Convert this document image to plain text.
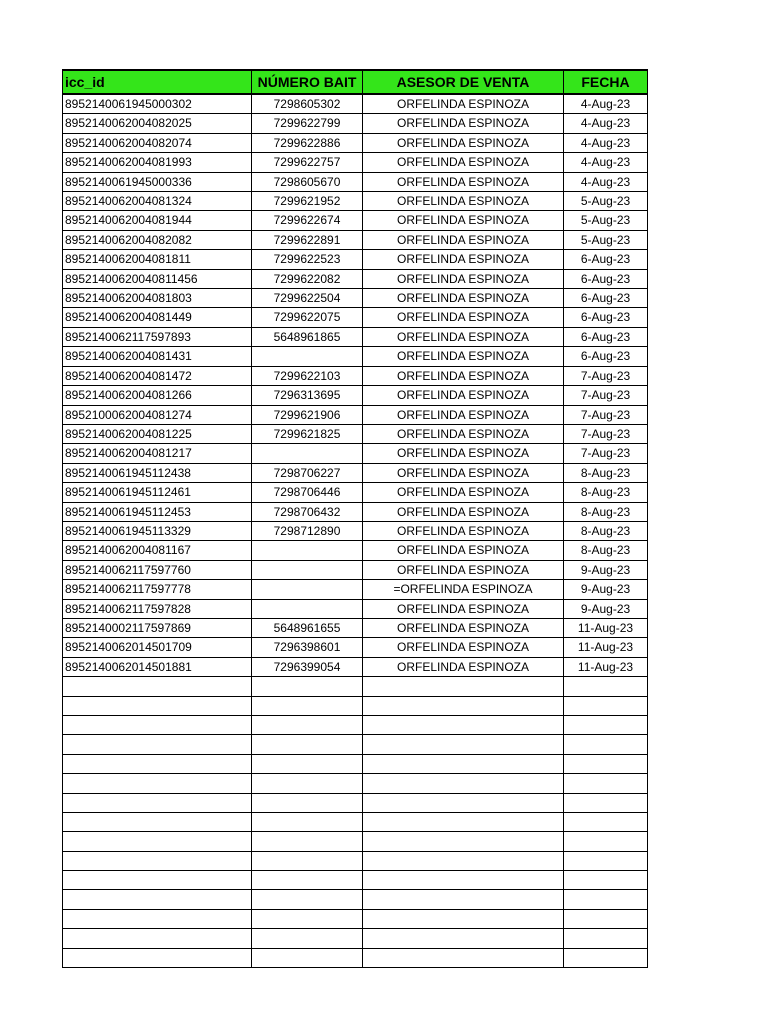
icc_id	NÚMERO BAIT	ASESOR DE VENTA	FECHA
8952140061945000302	7298605302	ORFELINDA ESPINOZA	4-Aug-23
8952140062004082025	7299622799	ORFELINDA ESPINOZA	4-Aug-23
8952140062004082074	7299622886	ORFELINDA ESPINOZA	4-Aug-23
8952140062004081993	7299622757	ORFELINDA ESPINOZA	4-Aug-23
8952140061945000336	7298605670	ORFELINDA ESPINOZA	4-Aug-23
8952140062004081324	7299621952	ORFELINDA ESPINOZA	5-Aug-23
8952140062004081944	7299622674	ORFELINDA ESPINOZA	5-Aug-23
8952140062004082082	7299622891	ORFELINDA ESPINOZA	5-Aug-23
8952140062004081811	7299622523	ORFELINDA ESPINOZA	6-Aug-23
89521400620040811456	7299622082	ORFELINDA ESPINOZA	6-Aug-23
8952140062004081803	7299622504	ORFELINDA ESPINOZA	6-Aug-23
8952140062004081449	7299622075	ORFELINDA ESPINOZA	6-Aug-23
8952140062117597893	5648961865	ORFELINDA ESPINOZA	6-Aug-23
8952140062004081431		ORFELINDA ESPINOZA	6-Aug-23
8952140062004081472	7299622103	ORFELINDA ESPINOZA	7-Aug-23
8952140062004081266	7296313695	ORFELINDA ESPINOZA	7-Aug-23
8952100062004081274	7299621906	ORFELINDA ESPINOZA	7-Aug-23
8952140062004081225	7299621825	ORFELINDA ESPINOZA	7-Aug-23
8952140062004081217		ORFELINDA ESPINOZA	7-Aug-23
8952140061945112438	7298706227	ORFELINDA ESPINOZA	8-Aug-23
8952140061945112461	7298706446	ORFELINDA ESPINOZA	8-Aug-23
8952140061945112453	7298706432	ORFELINDA ESPINOZA	8-Aug-23
8952140061945113329	7298712890	ORFELINDA ESPINOZA	8-Aug-23
8952140062004081167		ORFELINDA ESPINOZA	8-Aug-23
8952140062117597760		ORFELINDA ESPINOZA	9-Aug-23
8952140062117597778		=ORFELINDA ESPINOZA	9-Aug-23
8952140062117597828		ORFELINDA ESPINOZA	9-Aug-23
8952140002117597869	5648961655	ORFELINDA ESPINOZA	11-Aug-23
8952140062014501709	7296398601	ORFELINDA ESPINOZA	11-Aug-23
8952140062014501881	7296399054	ORFELINDA ESPINOZA	11-Aug-23
